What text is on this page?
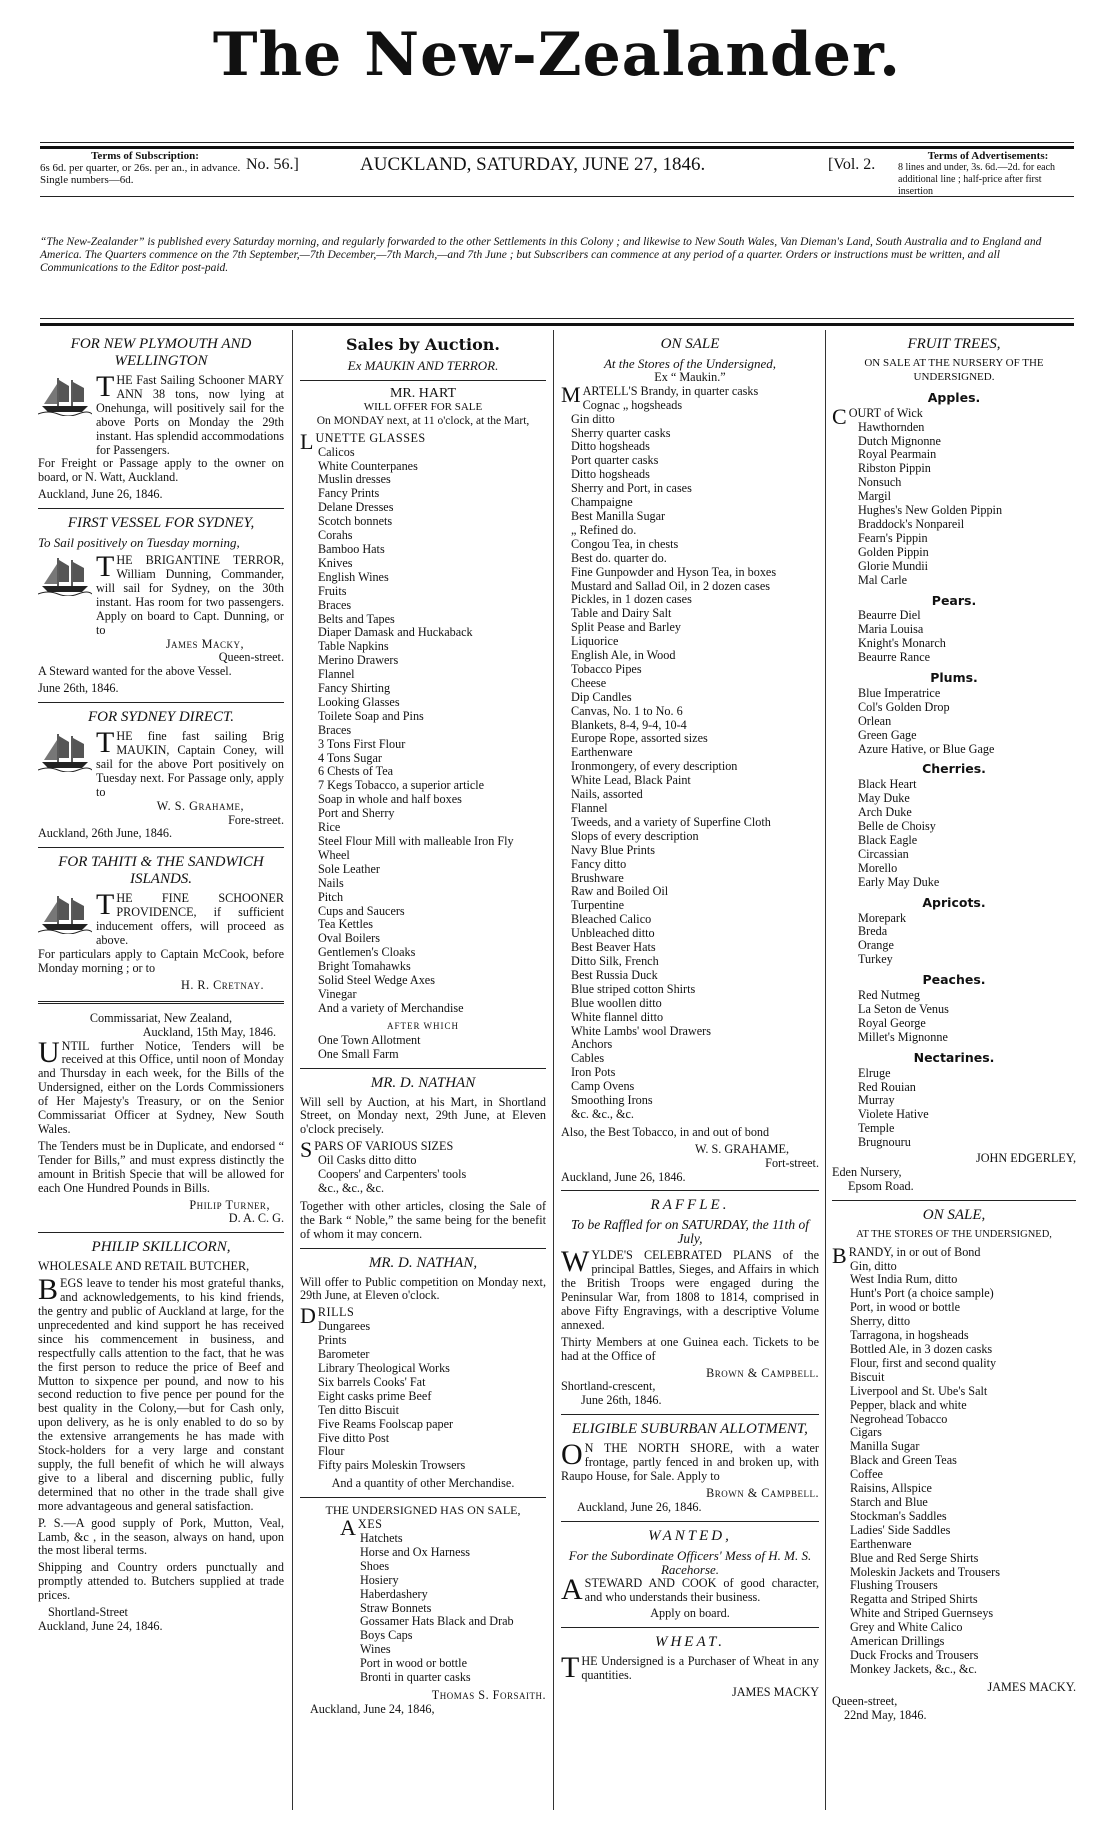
The New-Zealander.
Terms of Subscription:
6s 6d. per quarter, or 26s. per an., in advance.
Single numbers—6d.
No. 56.]	AUCKLAND, SATURDAY, JUNE 27, 1846.	[Vol. 2.	Terms of Advertisements:
8 lines and under, 3s. 6d.—2d. for each additional line ; half-price after first insertion
“The New-Zealander” is published every Saturday morning, and regularly forwarded to the other Settlements in this Colony ; and likewise to New South Wales, Van Dieman's Land, South Australia and to England and America. The Quarters commence on the 7th September,—7th December,—7th March,—and 7th June ; but Subscribers can commence at any period of a quarter. Orders or instructions must be written, and all Communications to the Editor post-paid.
FOR NEW PLYMOUTH AND WELLINGTON

THE Fast Sailing Schooner MARY ANN 38 tons, now lying at Onehunga, will positively sail for the above Ports on Monday the 29th instant. Has splendid accommodations for Passengers.

For Freight or Passage apply to the owner on board, or N. Watt, Auckland.

Auckland, June 26, 1846.

FIRST VESSEL FOR SYDNEY,
To Sail positively on Tuesday morning,

THE BRIGANTINE TERROR, William Dunning, Commander, will sail for Sydney, on the 30th instant. Has room for two passengers. Apply on board to Capt. Dunning, or to

James Macky,
Queen-street.

A Steward wanted for the above Vessel.

June 26th, 1846.

FOR SYDNEY DIRECT.

THE fine fast sailing Brig MAUKIN, Captain Coney, will sail for the above Port positively on Tuesday next. For Passage only, apply to

W. S. Grahame,
Fore-street.

Auckland, 26th June, 1846.

FOR TAHITI & THE SANDWICH ISLANDS.

THE FINE SCHOONER PROVIDENCE, if sufficient inducement offers, will proceed as above.

For particulars apply to Captain McCook, before Monday morning ; or to

H. R. Cretnay.
Commissariat, New Zealand,
Auckland, 15th May, 1846.

UNTIL further Notice, Tenders will be received at this Office, until noon of Monday and Thursday in each week, for the Bills of the Undersigned, either on the Lords Commissioners of Her Majesty's Treasury, or on the Senior Commissariat Officer at Sydney, New South Wales.

The Tenders must be in Duplicate, and endorsed “ Tender for Bills,” and must express distinctly the amount in British Specie that will be allowed for each One Hundred Pounds in Bills.

Philip Turner,
D. A. C. G.
PHILIP SKILLICORN,
WHOLESALE AND RETAIL BUTCHER,

BEGS leave to tender his most grateful thanks, and acknowledgements, to his kind friends, the gentry and public of Auckland at large, for the unprecedented and kind support he has received since his commencement in business, and respectfully calls attention to the fact, that he was the first person to reduce the price of Beef and Mutton to sixpence per pound, and now to his second reduction to five pence per pound for the best quality in the Colony,—but for Cash only, upon delivery, as he is only enabled to do so by the extensive arrangements he has made with Stock-holders for a very large and constant supply, the full benefit of which he will always give to a liberal and discerning public, fully determined that no other in the trade shall give more advantageous and general satisfaction.

P. S.—A good supply of Pork, Mutton, Veal, Lamb, &c , in the season, always on hand, upon the most liberal terms.

Shipping and Country orders punctually and promptly attended to. Butchers supplied at trade prices.

Shortland-Street
Auckland, June 24, 1846.
Sales by Auction.
Ex MAUKIN AND TERROR.
MR. HART
WILL OFFER FOR SALE
On MONDAY next, at 11 o'clock, at the Mart,
LUNETTE GLASSES
Calicos
White Counterpanes
Muslin dresses
Fancy Prints
Delane Dresses
Scotch bonnets
Corahs
Bamboo Hats
Knives
English Wines
Fruits
Braces
Belts and Tapes
Diaper Damask and Huckaback
Table Napkins
Merino Drawers
Flannel
Fancy Shirting
Looking Glasses
Toilete Soap and Pins
Braces
3 Tons First Flour
4 Tons Sugar
6 Chests of Tea
7 Kegs Tobacco, a superior article
Soap in whole and half boxes
Port and Sherry
Rice
Steel Flour Mill with malleable Iron Fly Wheel
Sole Leather
Nails
Pitch
Cups and Saucers
Tea Kettles
Oval Boilers
Gentlemen's Cloaks
Bright Tomahawks
Solid Steel Wedge Axes
Vinegar
And a variety of Merchandise
AFTER WHICH
One Town Allotment
One Small Farm
MR. D. NATHAN

Will sell by Auction, at his Mart, in Shortland Street, on Monday next, 29th June, at Eleven o'clock precisely.

SPARS OF VARIOUS SIZES
Oil Casks ditto ditto
Coopers' and Carpenters' tools
&c., &c., &c.

Together with other articles, closing the Sale of the Bark “ Noble,” the same being for the benefit of whom it may concern.

MR. D. NATHAN,

Will offer to Public competition on Monday next, 29th June, at Eleven o'clock.

DRILLS
Dungarees
Prints
Barometer
Library Theological Works
Six barrels Cooks' Fat
Eight casks prime Beef
Ten ditto Biscuit
Five Reams Foolscap paper
Five ditto Post
Flour
Fifty pairs Moleskin Trowsers
And a quantity of other Merchandise.
THE UNDERSIGNED HAS ON SALE,
AXES
Hatchets
Horse and Ox Harness
Shoes
Hosiery
Haberdashery
Straw Bonnets
Gossamer Hats Black and Drab
Boys Caps
Wines
Port in wood or bottle
Bronti in quarter casks
Thomas S. Forsaith.
Auckland, June 24, 1846,
ON SALE
At the Stores of the Undersigned,
Ex “ Maukin.”
MARTELL'S Brandy, in quarter casks
Cognac „ hogsheads
Gin ditto
Sherry quarter casks
Ditto hogsheads
Port quarter casks
Ditto hogsheads
Sherry and Port, in cases
Champaigne
Best Manilla Sugar
„ Refined do.
Congou Tea, in chests
Best do. quarter do.
Fine Gunpowder and Hyson Tea, in boxes
Mustard and Sallad Oil, in 2 dozen cases
Pickles, in 1 dozen cases
Table and Dairy Salt
Split Pease and Barley
Liquorice
English Ale, in Wood
Tobacco Pipes
Cheese
Dip Candles
Canvas, No. 1 to No. 6
Blankets, 8-4, 9-4, 10-4
Europe Rope, assorted sizes
Earthenware
Ironmongery, of every description
White Lead, Black Paint
Nails, assorted
Flannel
Tweeds, and a variety of Superfine Cloth
Slops of every description
Navy Blue Prints
Fancy ditto
Brushware
Raw and Boiled Oil
Turpentine
Bleached Calico
Unbleached ditto
Best Beaver Hats
Ditto Silk, French
Best Russia Duck
Blue striped cotton Shirts
Blue woollen ditto
White flannel ditto
White Lambs' wool Drawers
Anchors
Cables
Iron Pots
Camp Ovens
Smoothing Irons
&c. &c., &c.

Also, the Best Tobacco, in and out of bond

W. S. GRAHAME,
Fort-street.
Auckland, June 26, 1846.
RAFFLE.
To be Raffled for on SATURDAY, the 11th of July,

WYLDE'S CELEBRATED PLANS of the principal Battles, Sieges, and Affairs in which the British Troops were engaged during the Peninsular War, from 1808 to 1814, comprised in above Fifty Engravings, with a descriptive Volume annexed.

Thirty Members at one Guinea each. Tickets to be had at the Office of

Brown & Campbell.
Shortland-crescent,
June 26th, 1846.
ELIGIBLE SUBURBAN ALLOTMENT,

O N THE NORTH SHORE, with a water frontage, partly fenced in and broken up, with Raupo House, for Sale. Apply to

Brown & Campbell.
Auckland, June 26, 1846.
WANTED,
For the Subordinate Officers' Mess of H. M. S. Racehorse.

ASTEWARD AND COOK of good character, and who understands their business.

Apply on board.
WHEAT.

THE Undersigned is a Purchaser of Wheat in any quantities.

JAMES MACKY
FRUIT TREES,
ON SALE AT THE NURSERY OF THE UNDERSIGNED.
Apples.
COURT of Wick
Hawthornden
Dutch Mignonne
Royal Pearmain
Ribston Pippin
Nonsuch
Margil
Hughes's New Golden Pippin
Braddock's Nonpareil
Fearn's Pippin
Golden Pippin
Glorie Mundii
Mal Carle
Pears.
Beaurre Diel
Maria Louisa
Knight's Monarch
Beaurre Rance
Plums.
Blue Imperatrice
Col's Golden Drop
Orlean
Green Gage
Azure Hative, or Blue Gage
Cherries.
Black Heart
May Duke
Arch Duke
Belle de Choisy
Black Eagle
Circassian
Morello
Early May Duke
Apricots.
Morepark
Breda
Orange
Turkey
Peaches.
Red Nutmeg
La Seton de Venus
Royal George
Millet's Mignonne
Nectarines.
Elruge
Red Rouian
Murray
Violete Hative
Temple
Brugnouru
JOHN EDGERLEY,
Eden Nursery,
Epsom Road.
ON SALE,
AT THE STORES OF THE UNDERSIGNED,
BRANDY, in or out of Bond
Gin, ditto
West India Rum, ditto
Hunt's Port (a choice sample)
Port, in wood or bottle
Sherry, ditto
Tarragona, in hogsheads
Bottled Ale, in 3 dozen casks
Flour, first and second quality
Biscuit
Liverpool and St. Ube's Salt
Pepper, black and white
Negrohead Tobacco
Cigars
Manilla Sugar
Black and Green Teas
Coffee
Raisins, Allspice
Starch and Blue
Stockman's Saddles
Ladies' Side Saddles
Earthenware
Blue and Red Serge Shirts
Moleskin Jackets and Trousers
Flushing Trousers
Regatta and Striped Shirts
White and Striped Guernseys
Grey and White Calico
American Drillings
Duck Frocks and Trousers
Monkey Jackets, &c., &c.
JAMES MACKY.
Queen-street,
22nd May, 1846.
